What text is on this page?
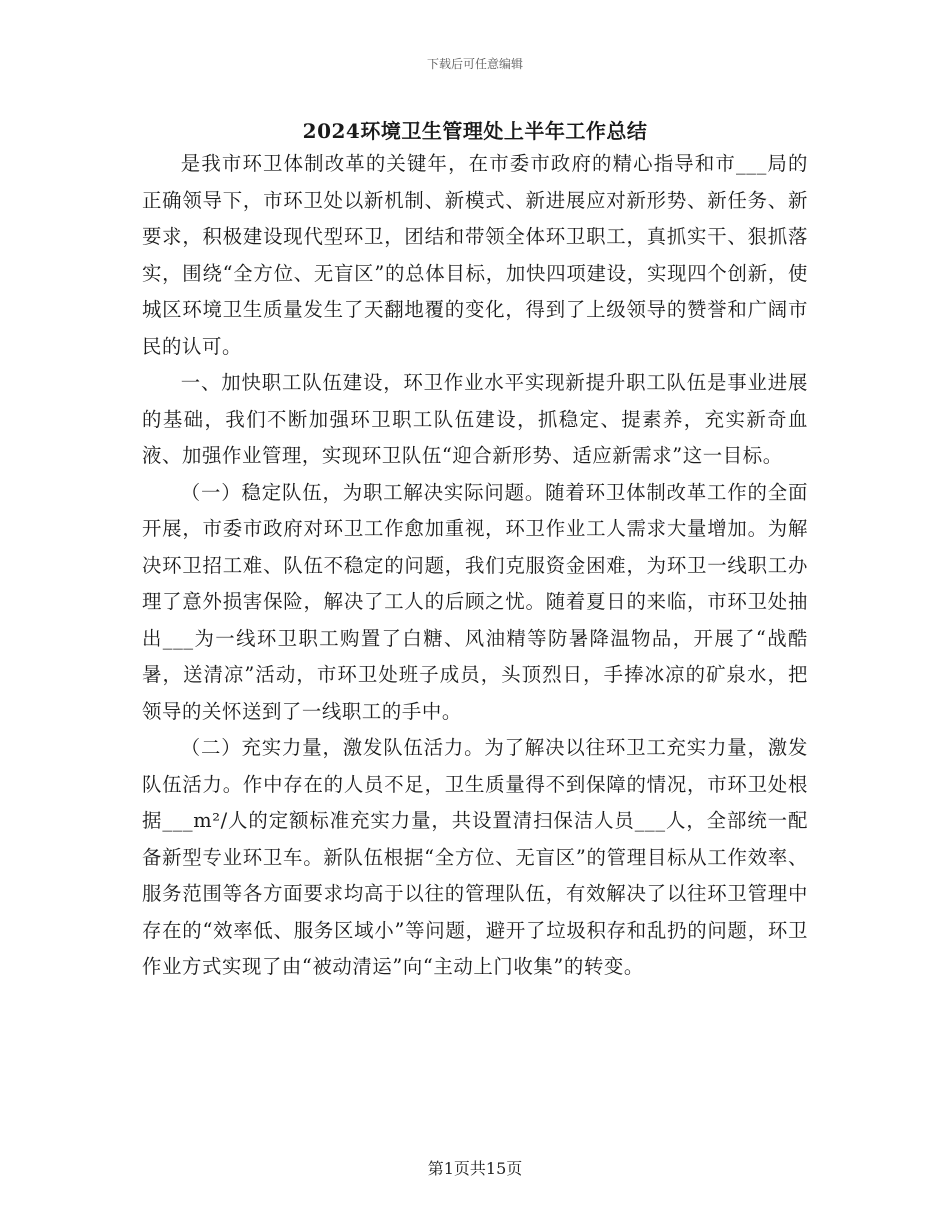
下载后可任意编辑
2024环境卫生管理处上半年工作总结

是我市环卫体制改革的关键年，在市委市政府的精心指导和市___局的正确领导下，市环卫处以新机制、新模式、新进展应对新形势、新任务、新要求，积极建设现代型环卫，团结和带领全体环卫职工，真抓实干、狠抓落实，围绕“全方位、无盲区”的总体目标，加快四项建设，实现四个创新，使城区环境卫生质量发生了天翻地覆的变化，得到了上级领导的赞誉和广阔市民的认可。

一、加快职工队伍建设，环卫作业水平实现新提升职工队伍是事业进展的基础，我们不断加强环卫职工队伍建设，抓稳定、提素养，充实新奇血液、加强作业管理，实现环卫队伍“迎合新形势、适应新需求”这一目标。

（一）稳定队伍，为职工解决实际问题。随着环卫体制改革工作的全面开展，市委市政府对环卫工作愈加重视，环卫作业工人需求大量增加。为解决环卫招工难、队伍不稳定的问题，我们克服资金困难，为环卫一线职工办理了意外损害保险，解决了工人的后顾之忧。随着夏日的来临，市环卫处抽出___为一线环卫职工购置了白糖、风油精等防暑降温物品，开展了“战酷暑，送清凉”活动，市环卫处班子成员，头顶烈日，手捧冰凉的矿泉水，把领导的关怀送到了一线职工的手中。

（二）充实力量，激发队伍活力。为了解决以往环卫工充实力量，激发队伍活力。作中存在的人员不足，卫生质量得不到保障的情况，市环卫处根据___m²/人的定额标准充实力量，共设置清扫保洁人员___人，全部统一配备新型专业环卫车。新队伍根据“全方位、无盲区”的管理目标从工作效率、服务范围等各方面要求均高于以往的管理队伍，有效解决了以往环卫管理中存在的“效率低、服务区域小”等问题，避开了垃圾积存和乱扔的问题，环卫作业方式实现了由“被动清运”向“主动上门收集”的转变。

第1页共15页
